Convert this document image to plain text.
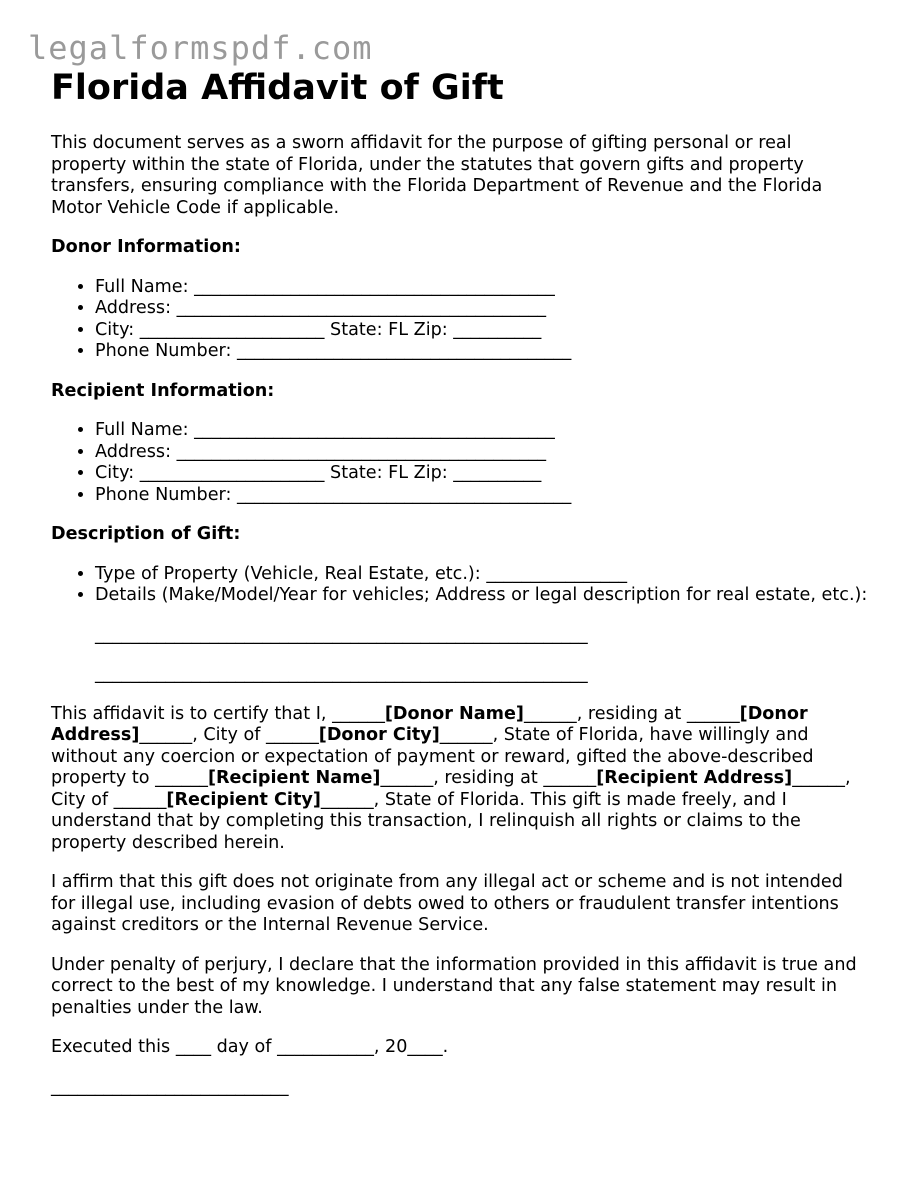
legalformspdf.com
Florida Affidavit of Gift

This document serves as a sworn affidavit for the purpose of gifting personal or real property within the state of Florida, under the statutes that govern gifts and property transfers, ensuring compliance with the Florida Department of Revenue and the Florida Motor Vehicle Code if applicable.

Donor Information:

• Full Name: _________________________________________
• Address: __________________________________________
• City: _____________________ State: FL Zip: __________
• Phone Number: ______________________________________

Recipient Information:

• Full Name: _________________________________________
• Address: __________________________________________
• City: _____________________ State: FL Zip: __________
• Phone Number: ______________________________________

Description of Gift:

• Type of Property (Vehicle, Real Estate, etc.): ________________
• Details (Make/Model/Year for vehicles; Address or legal description for real estate, etc.):
________________________________________________________
________________________________________________________

This affidavit is to certify that I, ______[Donor Name]______, residing at ______[Donor Address]______, City of ______[Donor City]______, State of Florida, have willingly and without any coercion or expectation of payment or reward, gifted the above-described property to ______[Recipient Name]______, residing at ______[Recipient Address]______, City of ______[Recipient City]______, State of Florida. This gift is made freely, and I understand that by completing this transaction, I relinquish all rights or claims to the property described herein.

I affirm that this gift does not originate from any illegal act or scheme and is not intended for illegal use, including evasion of debts owed to others or fraudulent transfer intentions against creditors or the Internal Revenue Service.

Under penalty of perjury, I declare that the information provided in this affidavit is true and correct to the best of my knowledge. I understand that any false statement may result in penalties under the law.

Executed this ____ day of ___________, 20____.

___________________________
